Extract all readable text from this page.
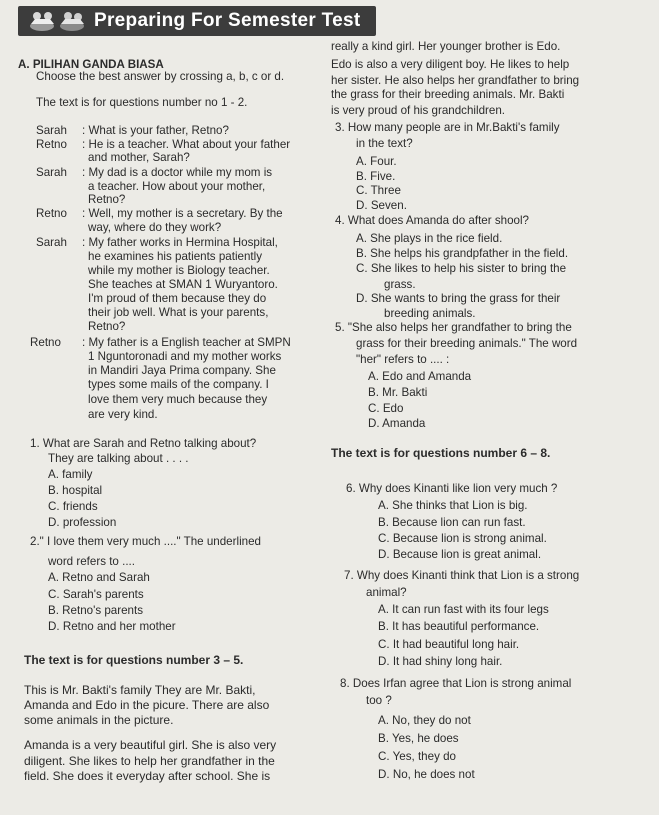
Preparing For Semester Test
A. PILIHAN GANDA BIASA
Choose the best answer by crossing a, b, c or d.
The text is for questions number no 1 - 2.
Sarah : What is your father, Retno?
Retno : He is a teacher. What about your father
and mother, Sarah?
Sarah : My dad is a doctor while my mom is
a teacher. How about your mother,
Retno?
Retno : Well, my mother is a secretary. By the
way, where do they work?
Sarah : My father works in Hermina Hospital,
he examines his patients patiently
while my mother is Biology teacher.
She teaches at SMAN 1 Wuryantoro.
I'm proud of them because they do
their job well. What is your parents,
Retno?
Retno : My father is a English teacher at SMPN
1 Nguntoronadi and my mother works
in Mandiri Jaya Prima company. She
types some mails of the company. I
love them very much because they
are very kind.
1. What are Sarah and Retno talking about?
They are talking about . . . .
A. family
B. hospital
C. friends
D. profession
2." I love them very much ...." The underlined
word refers to ....
A. Retno and Sarah
C. Sarah's parents
B. Retno's parents
D. Retno and her mother
The text is for questions number 3 – 5.
This is Mr. Bakti's family They are Mr. Bakti,
Amanda and Edo in the picure. There are also
some animals in the picture.
Amanda is a very beautiful girl. She is also very
diligent. She likes to help her grandfather in the
field. She does it everyday after school. She is
really a kind girl. Her younger brother is Edo.
Edo is also a very diligent boy. He likes to help
her sister. He also helps her grandfather to bring
the grass for their breeding animals. Mr. Bakti
is very proud of his grandchildren.
3. How many people are in Mr.Bakti's family
in the text?
A. Four.
B. Five.
C. Three
D. Seven.
4. What does Amanda do after shool?
A. She plays in the rice field.
B. She helps his grandpfather in the field.
C. She likes to help his sister to bring the
grass.
D. She wants to bring the grass for their
breeding animals.
5. "She also helps her grandfather to bring the
grass for their breeding animals." The word
"her" refers to .... :
A. Edo and Amanda
B. Mr. Bakti
C. Edo
D. Amanda
The text is for questions number 6 – 8.
6. Why does Kinanti like lion very much ?
A. She thinks that Lion is big.
B. Because lion can run fast.
C. Because lion is strong animal.
D. Because lion is great animal.
7. Why does Kinanti think that Lion is a strong
animal?
A. It can run fast with its four legs
B. It has beautiful performance.
C. It had beautiful long hair.
D. It had shiny long hair.
8. Does Irfan agree that Lion is strong animal
too ?
A. No, they do not
B. Yes, he does
C. Yes, they do
D. No, he does not
